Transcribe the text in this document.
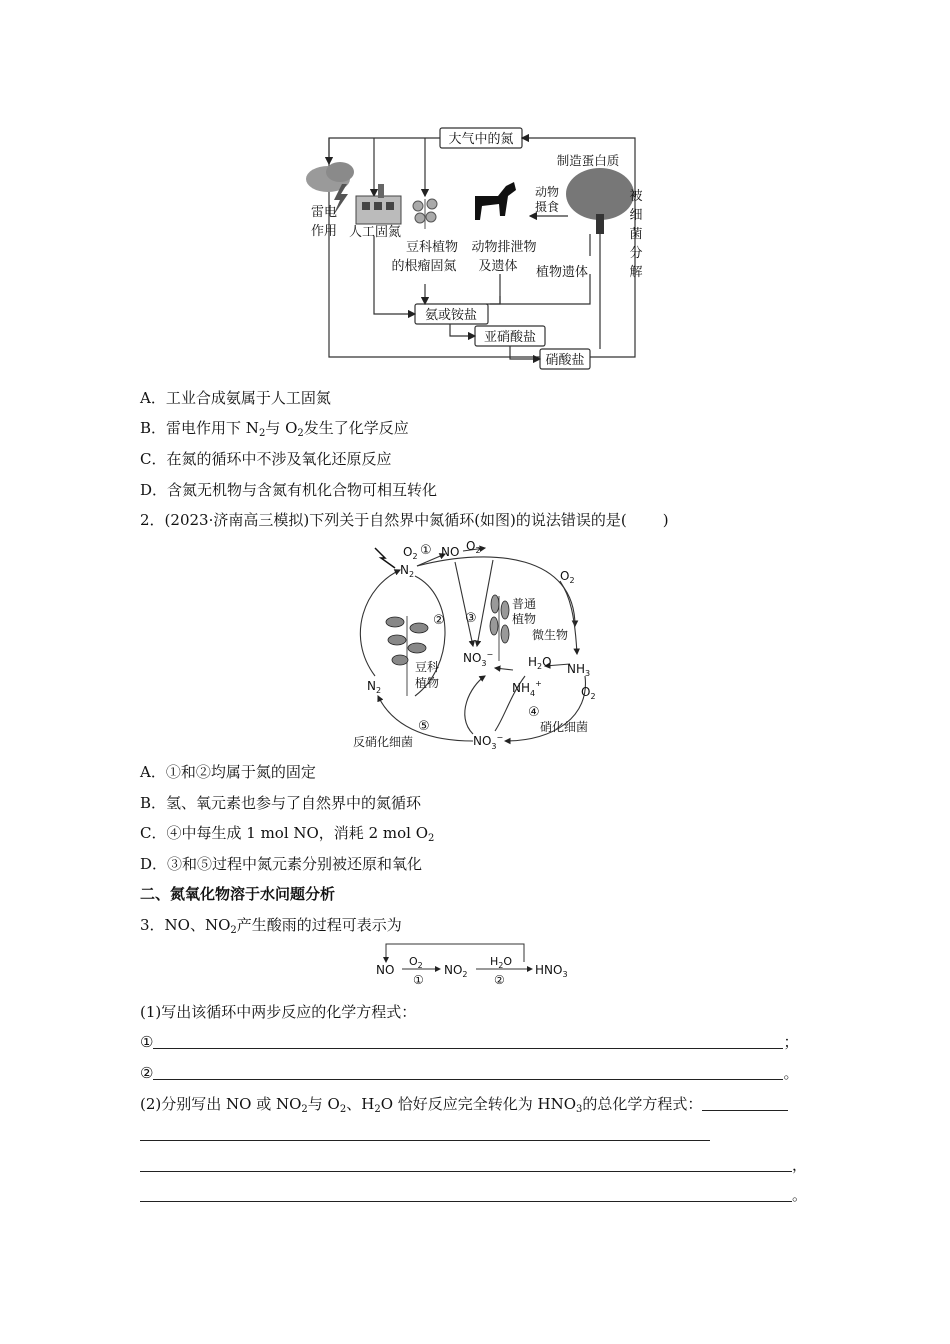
大气中的氮
制造蛋白质
雷电
作用 人工固氮
豆科植物
的根瘤固氮
动物排泄物
及遗体
动物
摄食
植物遗体
被
细
菌
分
解
氨或铵盐
亚硝酸盐
硝酸盐
A．工业合成氨属于人工固氮
B．雷电作用下 $N_2$与 $O_2$发生了化学反应
C．在氮的循环中不涉及氧化还原反应
D．含氮无机物与含氮有机化合物可相互转化
2．(2023·济南高三模拟)下列关于自然界中氮循环(如图)的说法错误的是( )
$O_2$ ① NO $O_2$
$N_2$
② ③
$O_2$
普通
植物
微生物
豆科
植物
$NO_3^-$
$H_2O$ $NH_3$
$NH_4^+$
$O_2$
$N_2$
④
硝化细菌
⑤
反硝化细菌	$NO_3^-$
A．①和②均属于氮的固定
B．氢、氧元素也参与了自然界中的氮循环
C．④中每生成 1 mol NO，消耗 2 mol $O_2$
D．③和⑤过程中氮元素分别被还原和氧化
二、氮氧化物溶于水问题分析
3．NO、$NO_2$产生酸雨的过程可表示为
NO
$O_2$
①
$NO_2$
$H_2O$
②
$HNO_3$
(1)写出该循环中两步反应的化学方程式：
①	；
②	。
(2)分别写出 NO 或 $NO_2$与 $O_2$、$H_2O$ 恰好反应完全转化为 $HNO_3$的总化学方程式：
，
。
